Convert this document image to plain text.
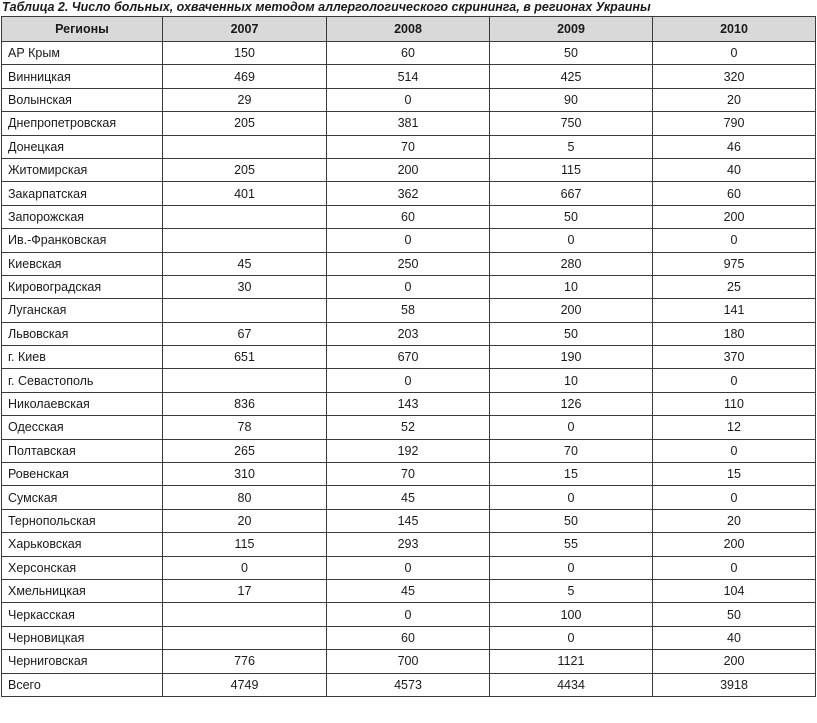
Таблица 2. Число больных, охваченных методом аллергологического скрининга, в регионах Украины
Регионы	2007	2008	2009	2010
АР Крым	150	60	50	0
Винницкая	469	514	425	320
Волынская	29	0	90	20
Днепропетровская	205	381	750	790
Донецкая		70	5	46
Житомирская	205	200	115	40
Закарпатская	401	362	667	60
Запорожская		60	50	200
Ив.-Франковская		0	0	0
Киевская	45	250	280	975
Кировоградская	30	0	10	25
Луганская		58	200	141
Львовская	67	203	50	180
г. Киев	651	670	190	370
г. Севастополь		0	10	0
Николаевская	836	143	126	110
Одесская	78	52	0	12
Полтавская	265	192	70	0
Ровенская	310	70	15	15
Сумская	80	45	0	0
Тернопольская	20	145	50	20
Харьковская	115	293	55	200
Херсонская	0	0	0	0
Хмельницкая	17	45	5	104
Черкасская		0	100	50
Черновицкая		60	0	40
Черниговская	776	700	1121	200
Всего	4749	4573	4434	3918
